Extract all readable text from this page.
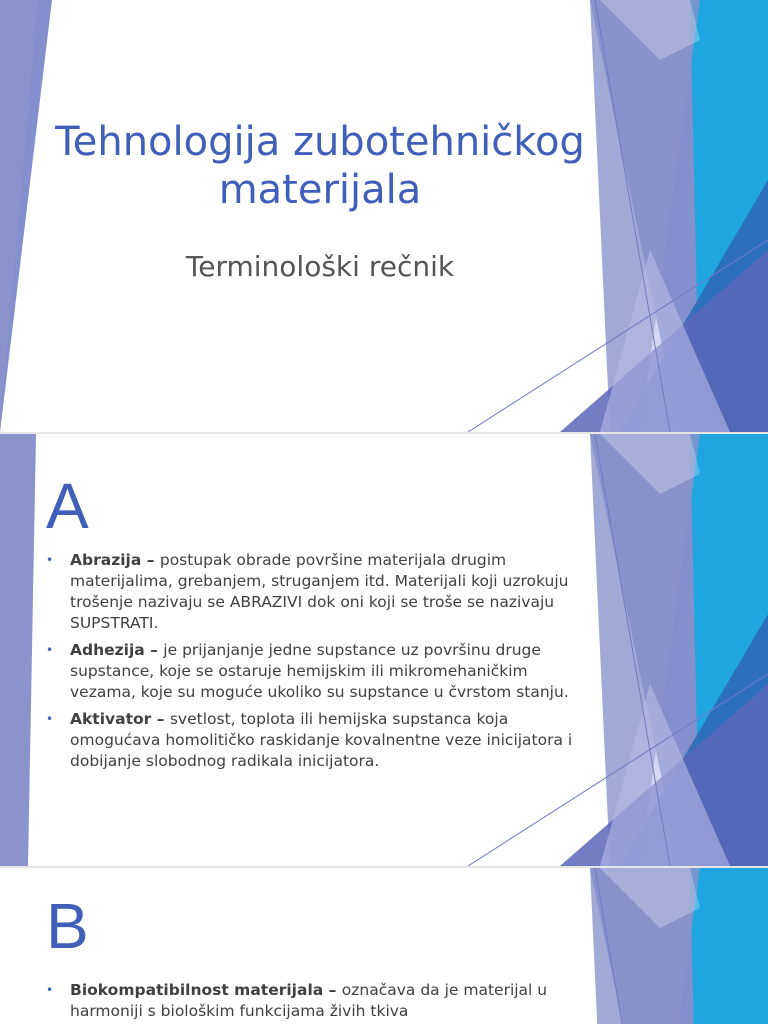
Tehnologija zubotehničkog materijala
Terminološki rečnik
A
• Abrazija – postupak obrade površine materijala drugim materijalima, grebanjem, struganjem itd. Materijali koji uzrokuju trošenje nazivaju se ABRAZIVI dok oni koji se troše se nazivaju SUPSTRATI.
• Adhezija – je prijanjanje jedne supstance uz površinu druge supstance, koje se ostaruje hemijskim ili mikromehaničkim vezama, koje su moguće ukoliko su supstance u čvrstom stanju.
• Aktivator – svetlost, toplota ili hemijska supstanca koja omogućava homolitičko raskidanje kovalnentne veze inicijatora i dobijanje slobodnog radikala inicijatora.
B
• Biokompatibilnost materijala – označava da je materijal u harmoniji s biološkim funkcijama živih tkiva
